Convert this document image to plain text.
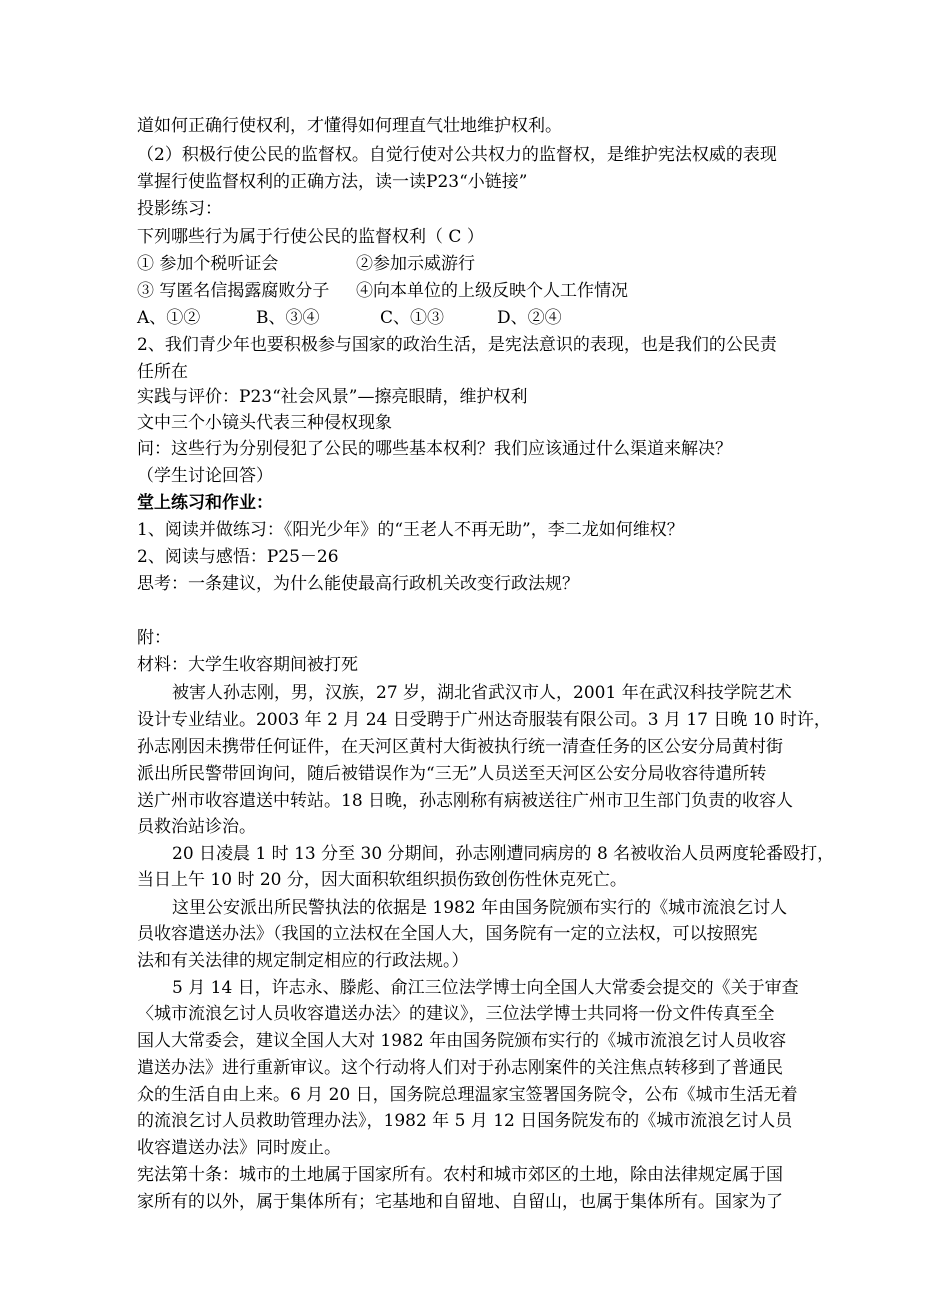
道如何正确行使权利，才懂得如何理直气壮地维护权利。
（2）积极行使公民的监督权。自觉行使对公共权力的监督权，是维护宪法权威的表现
掌握行使监督权利的正确方法，读一读P23“小链接”
投影练习：
下列哪些行为属于行使公民的监督权利（ C ）
① 参加个税听证会	②参加示威游行
③ 写匿名信揭露腐败分子 ④向本单位的上级反映个人工作情况
A、①②	B、③④	C、①③	D、②④
2、我们青少年也要积极参与国家的政治生活，是宪法意识的表现，也是我们的公民责
任所在
实践与评价：P23“社会风景”—擦亮眼睛，维护权利
文中三个小镜头代表三种侵权现象
问：这些行为分别侵犯了公民的哪些基本权利？我们应该通过什么渠道来解决？
（学生讨论回答）
堂上练习和作业：
1、阅读并做练习：《阳光少年》的“王老人不再无助”，李二龙如何维权？
2、阅读与感悟：P25－26
思考：一条建议，为什么能使最高行政机关改变行政法规？
附：
材料：大学生收容期间被打死
被害人孙志刚，男，汉族，27 岁，湖北省武汉市人，2001 年在武汉科技学院艺术
设计专业结业。2003 年 2 月 24 日受聘于广州达奇服装有限公司。3 月 17 日晚 10 时许，
孙志刚因未携带任何证件，在天河区黄村大街被执行统一清查任务的区公安分局黄村街
派出所民警带回询问，随后被错误作为“三无”人员送至天河区公安分局收容待遣所转
送广州市收容遣送中转站。18 日晚，孙志刚称有病被送往广州市卫生部门负责的收容人
员救治站诊治。
20 日凌晨 1 时 13 分至 30 分期间，孙志刚遭同病房的 8 名被收治人员两度轮番殴打，
当日上午 10 时 20 分，因大面积软组织损伤致创伤性休克死亡。
这里公安派出所民警执法的依据是 1982 年由国务院颁布实行的《城市流浪乞讨人
员收容遣送办法》（我国的立法权在全国人大，国务院有一定的立法权，可以按照宪
法和有关法律的规定制定相应的行政法规。）
5 月 14 日，许志永、滕彪、俞江三位法学博士向全国人大常委会提交的《关于审查
〈城市流浪乞讨人员收容遣送办法〉的建议》，三位法学博士共同将一份文件传真至全
国人大常委会，建议全国人大对 1982 年由国务院颁布实行的《城市流浪乞讨人员收容
遣送办法》进行重新审议。这个行动将人们对于孙志刚案件的关注焦点转移到了普通民
众的生活自由上来。6 月 20 日，国务院总理温家宝签署国务院令，公布《城市生活无着
的流浪乞讨人员救助管理办法》，1982 年 5 月 12 日国务院发布的《城市流浪乞讨人员
收容遣送办法》同时废止。
宪法第十条：城市的土地属于国家所有。农村和城市郊区的土地，除由法律规定属于国
家所有的以外，属于集体所有；宅基地和自留地、自留山，也属于集体所有。国家为了
